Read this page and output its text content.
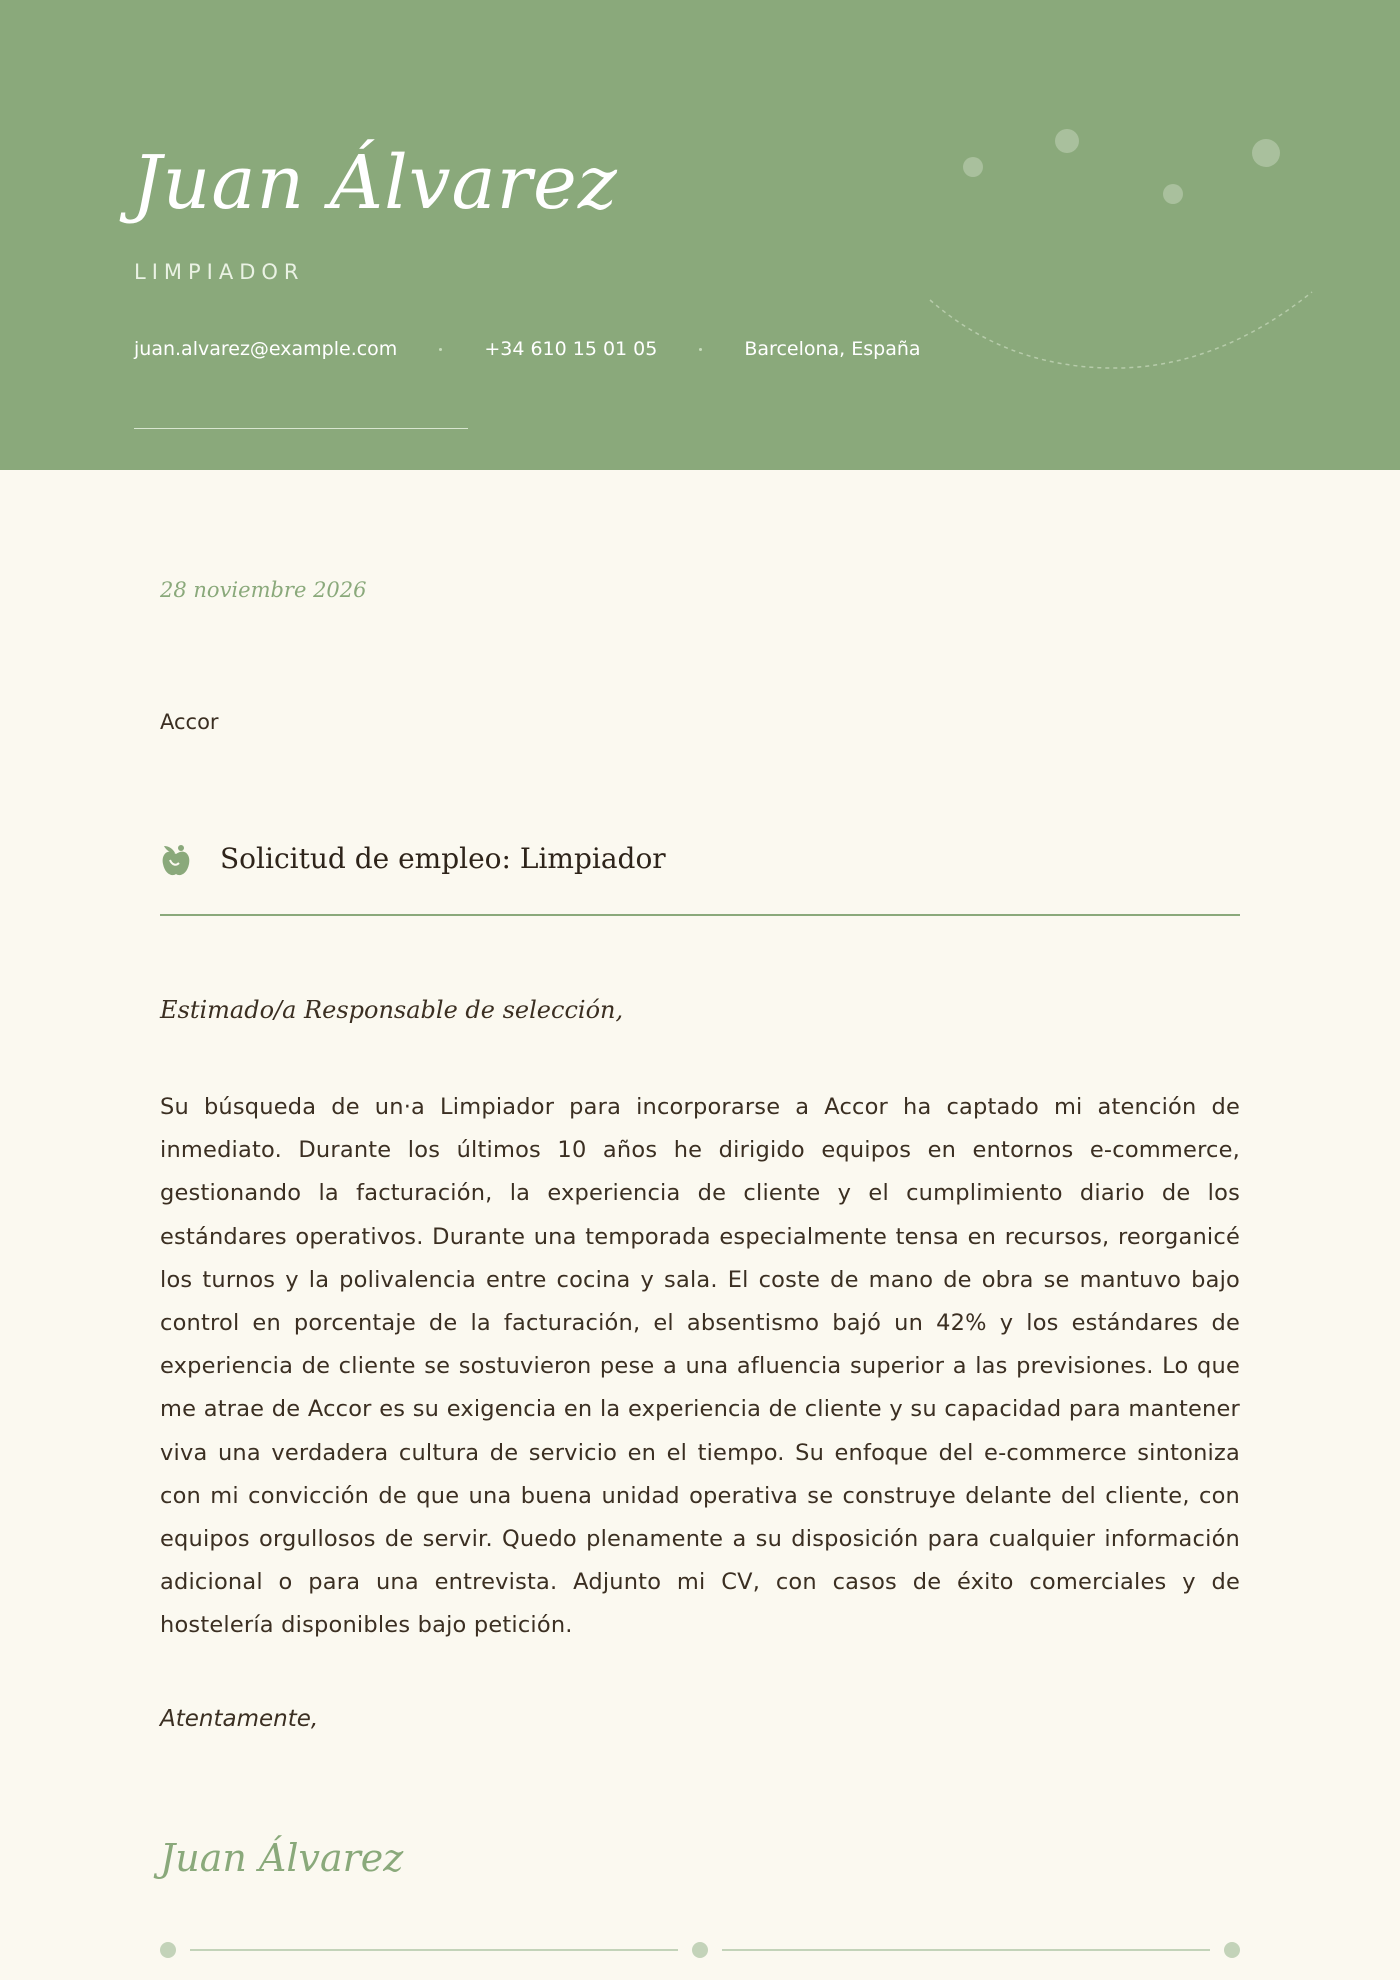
Juan Álvarez
LIMPIADOR
juan.alvarez@example.com	+34 610 15 01 05	Barcelona, España
28 noviembre 2026
Accor
Solicitud de empleo: Limpiador
Estimado/a Responsable de selección,

Su búsqueda de un·a Limpiador para incorporarse a Accor ha captado mi atención de inmediato. Durante los últimos 10 años he dirigido equipos en entornos e-commerce, gestionando la facturación, la experiencia de cliente y el cumplimiento diario de los estándares operativos. Durante una temporada especialmente tensa en recursos, reorganicé los turnos y la polivalencia entre cocina y sala. El coste de mano de obra se mantuvo bajo control en porcentaje de la facturación, el absentismo bajó un 42% y los estándares de experiencia de cliente se sostuvieron pese a una afluencia superior a las previsiones. Lo que me atrae de Accor es su exigencia en la experiencia de cliente y su capacidad para mantener viva una verdadera cultura de servicio en el tiempo. Su enfoque del e-commerce sintoniza con mi convicción de que una buena unidad operativa se construye delante del cliente, con equipos orgullosos de servir. Quedo plenamente a su disposición para cualquier información adicional o para una entrevista. Adjunto mi CV, con casos de éxito comerciales y de hostelería disponibles bajo petición.

Atentamente,
Juan Álvarez
